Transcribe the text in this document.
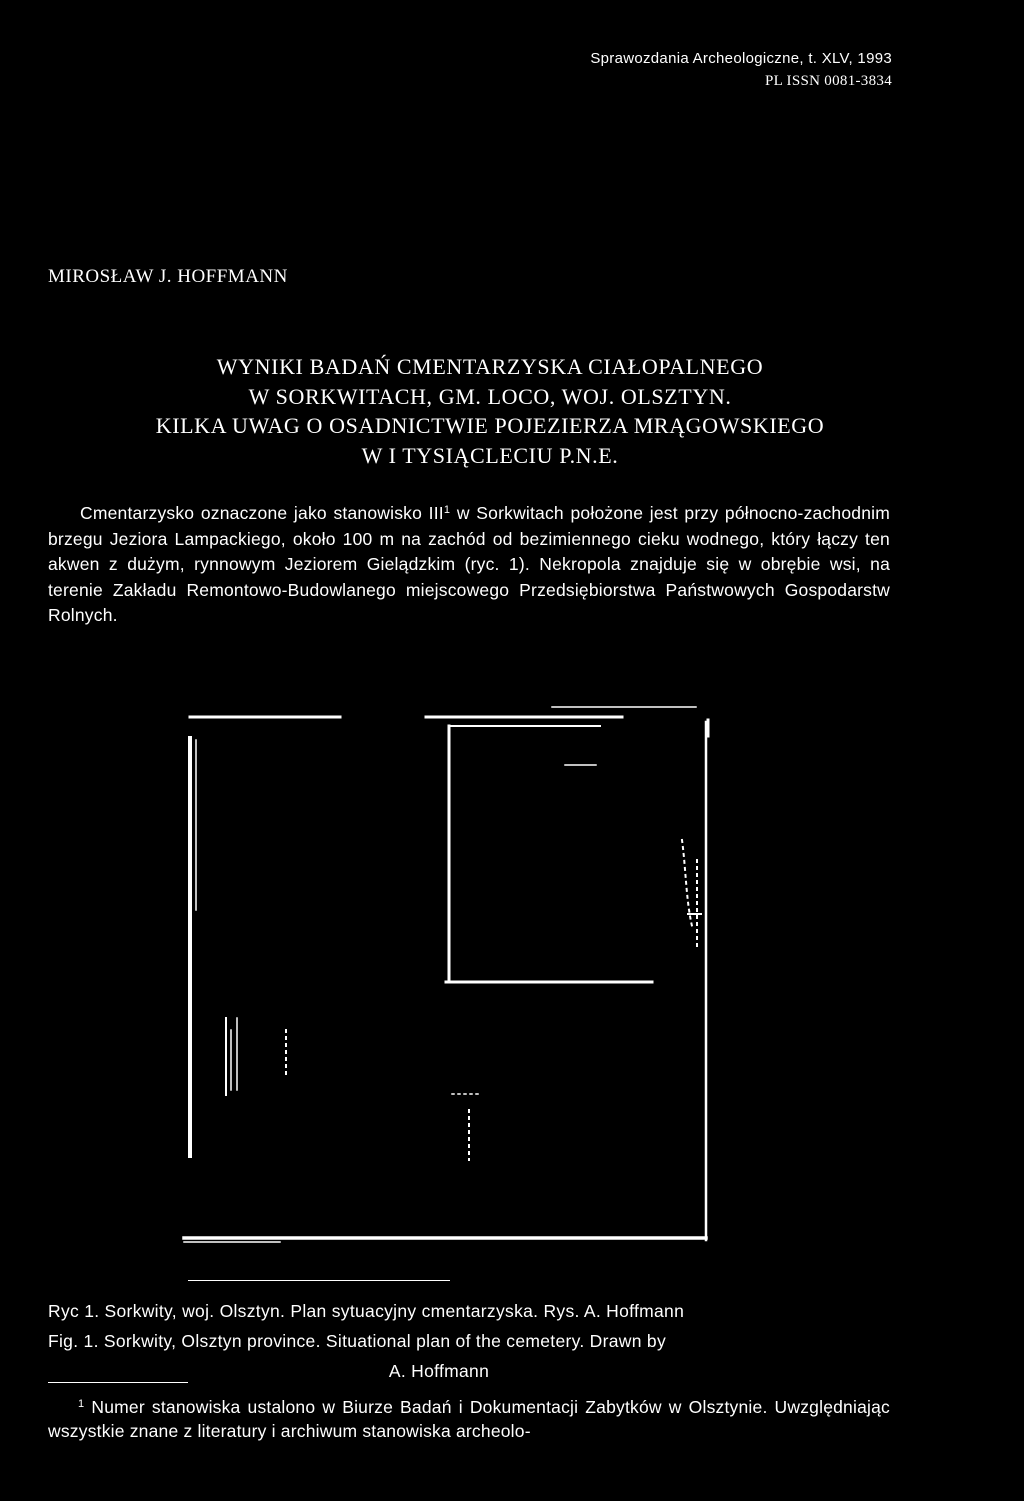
Sprawozdania Archeologiczne, t. XLV, 1993
PL ISSN 0081-3834
MIROSŁAW J. HOFFMANN
WYNIKI BADAŃ CMENTARZYSKA CIAŁOPALNEGO
W SORKWITACH, GM. LOCO, WOJ. OLSZTYN.
KILKA UWAG O OSADNICTWIE POJEZIERZA MRĄGOWSKIEGO
W I TYSIĄCLECIU P.N.E.
Cmentarzysko oznaczone jako stanowisko III$^1$ w Sorkwitach położone jest przy północno-zachodnim brzegu Jeziora Lampackiego, około 100 m na zachód od bezimiennego cieku wodnego, który łączy ten akwen z dużym, rynnowym Jeziorem Gielądzkim (ryc. 1). Nekropola znajduje się w obrębie wsi, na terenie Zakładu Remontowo-Budowlanego miejscowego Przedsiębiorstwa Państwowych Gospodarstw Rolnych.
Ryc 1. Sorkwity, woj. Olsztyn. Plan sytuacyjny cmentarzyska. Rys. A. Hoffmann
Fig. 1. Sorkwity, Olsztyn province. Situational plan of the cemetery. Drawn by
A. Hoffmann
$^1$ Numer stanowiska ustalono w Biurze Badań i Dokumentacji Zabytków w Olsztynie. Uwzględniając wszystkie znane z literatury i archiwum stanowiska archeolo-
